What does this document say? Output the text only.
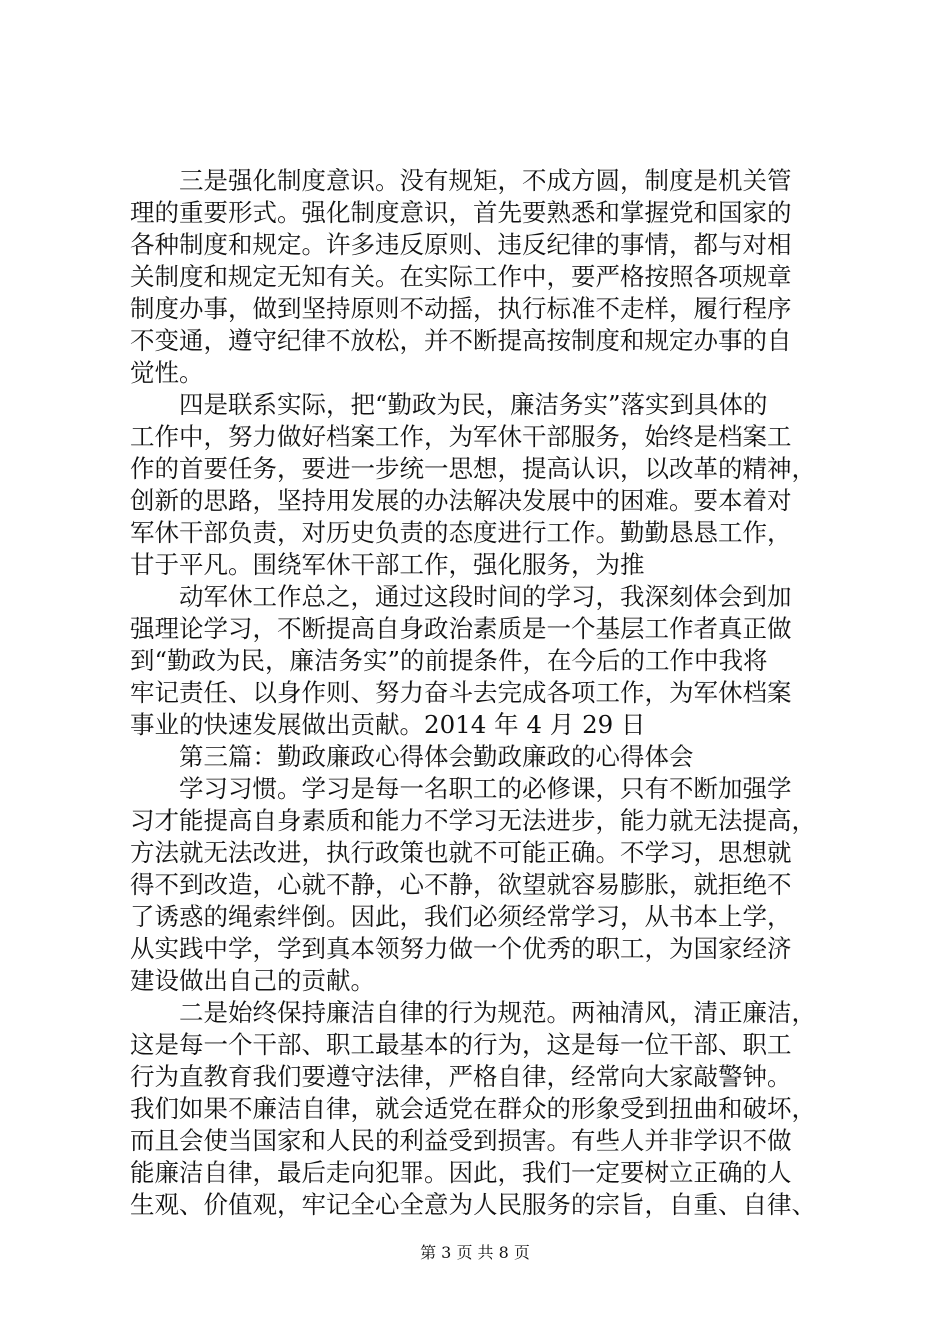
三是强化制度意识。没有规矩，不成方圆，制度是机关管
理的重要形式。强化制度意识，首先要熟悉和掌握党和国家的
各种制度和规定。许多违反原则、违反纪律的事情，都与对相
关制度和规定无知有关。在实际工作中，要严格按照各项规章
制度办事，做到坚持原则不动摇，执行标准不走样，履行程序
不变通，遵守纪律不放松，并不断提高按制度和规定办事的自
觉性。
四是联系实际，把“勤政为民，廉洁务实”落实到具体的
工作中，努力做好档案工作，为军休干部服务，始终是档案工
作的首要任务，要进一步统一思想，提高认识，以改革的精神，
创新的思路，坚持用发展的办法解决发展中的困难。要本着对
军休干部负责，对历史负责的态度进行工作。勤勤恳恳工作，
甘于平凡。围绕军休干部工作，强化服务，为推
动军休工作总之，通过这段时间的学习，我深刻体会到加
强理论学习，不断提高自身政治素质是一个基层工作者真正做
到“勤政为民，廉洁务实”的前提条件，在今后的工作中我将
牢记责任、以身作则、努力奋斗去完成各项工作，为军休档案
事业的快速发展做出贡献。2014 年 4 月 29 日
第三篇：勤政廉政心得体会勤政廉政的心得体会
学习习惯。学习是每一名职工的必修课，只有不断加强学
习才能提高自身素质和能力不学习无法进步，能力就无法提高，
方法就无法改进，执行政策也就不可能正确。不学习，思想就
得不到改造，心就不静，心不静，欲望就容易膨胀，就拒绝不
了诱惑的绳索绊倒。因此，我们必须经常学习，从书本上学，
从实践中学，学到真本领努力做一个优秀的职工，为国家经济
建设做出自己的贡献。
二是始终保持廉洁自律的行为规范。两袖清风，清正廉洁，
这是每一个干部、职工最基本的行为，这是每一位干部、职工
行为直教育我们要遵守法律，严格自律，经常向大家敲警钟。
我们如果不廉洁自律，就会适党在群众的形象受到扭曲和破坏，
而且会使当国家和人民的利益受到损害。有些人并非学识不做
能廉洁自律，最后走向犯罪。因此，我们一定要树立正确的人
生观、价值观，牢记全心全意为人民服务的宗旨，自重、自律、
第 3 页 共 8 页
